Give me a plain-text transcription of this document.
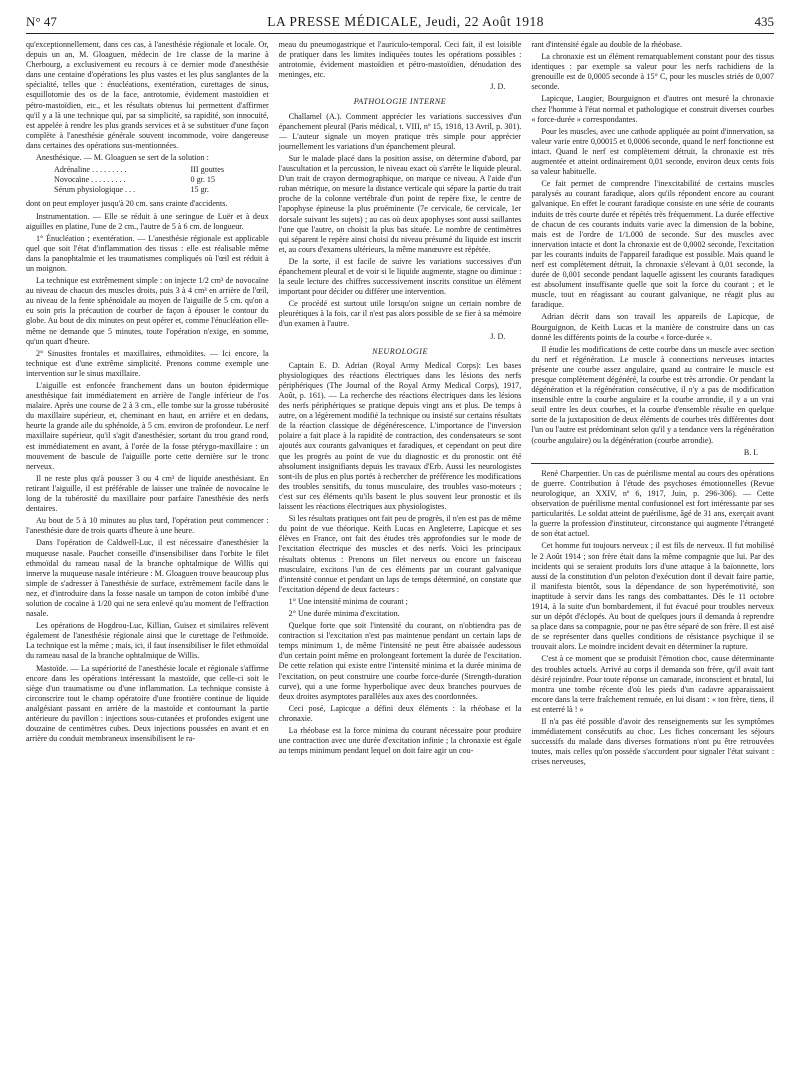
N° 47	LA PRESSE MÉDICALE, Jeudi, 22 Août 1918	435

qu'exceptionnellement, dans ces cas, à l'anesthésie régionale et locale. Or, depuis un an, M. Gloaguen, médecin de 1re classe de la marine à Cherbourg, a exclusivement eu recours à ce dernier mode d'anesthésie dans une centaine d'opérations les plus vastes et les plus sanglantes de la spécialité, telles que : énucléations, exentération, curettages de sinus, esquillotomie des os de la face, antrotomie, évidement mastoïdien et pétro-mastoïdien, etc., et les résultats obtenus lui permettent d'affirmer qu'il y a là une technique qui, par sa simplicité, sa rapidité, son innocuité, est appelée à rendre les plus grands services et à se substituer d'une façon complète à l'anesthésie générale souvent incommode, voire dangereuse dans certaines des opérations sus-mentionnées.

Anesthésique. — M. Gloaguen se sert de la solution :

Adrénaline . . . . . . . . .	III gouttes
Novocaïne . . . . . . . . .	0 gr. 15
Sérum physiologique . . .	15 gr.

dont on peut employer jusqu'à 20 cm. sans crainte d'accidents.

Instrumentation. — Elle se réduit à une seringue de Luër et à deux aiguilles en platine, l'une de 2 cm., l'autre de 5 à 6 cm. de longueur.

1° Énucléation ; exentération. — L'anesthésie régionale est applicable quel que soit l'état d'inflammation des tissus : elle est réalisable même dans la panophtalmie et les traumatismes compliqués où l'œil est réduit à un moignon.

La technique est extrêmement simple : on injecte 1/2 cm³ de novocaïne au niveau de chacun des muscles droits, puis 3 à 4 cm³ en arrière de l'œil, au niveau de la fente sphénoïdale au moyen de l'aiguille de 5 cm. qu'on a eu soin pris la précaution de courber de façon à épouser le contour du globe. Au bout de dix minutes on peut opérer et, comme l'énucléation elle-même ne demande que 5 minutes, toute l'opération n'exige, en somme, qu'un quart d'heure.

2° Sinusites frontales et maxillaires, ethmoïdites. — Ici encore, la technique est d'une extrême simplicité. Prenons comme exemple une intervention sur le sinus maxillaire.

L'aiguille est enfoncée franchement dans un bouton épidermique anesthésique fait immédiatement en arrière de l'angle inférieur de l'os malaire. Après une course de 2 à 3 cm., elle tombe sur la grosse tubérosité du maxillaire supérieur, et, cheminant en haut, en arrière et en dedans, heurte la grande aile du sphénoïde, à 5 cm. environ de profondeur. Le nerf maxillaire supérieur, qu'il s'agit d'anesthésier, sortant du trou grand rond, est immédiatement en avant, à l'orée de la fosse ptérygo-maxillaire : un mouvement de bascule de l'aiguille porte cette dernière sur le tronc nerveux.

Il ne reste plus qu'à pousser 3 ou 4 cm³ de liquide anesthésiant. En retirant l'aiguille, il est préférable de laisser une traînée de novocaïne le long de la tubérosité du maxillaire pour parfaire l'anesthésie des nerfs dentaires.

Au bout de 5 à 10 minutes au plus tard, l'opération peut commencer : l'anesthésie dure de trois quarts d'heure à une heure.

Dans l'opération de Caldwell-Luc, il est nécessaire d'anesthésier la muqueuse nasale. Pauchet conseille d'insensibiliser dans l'orbite le filet ethmoïdal du rameau nasal de la branche ophtalmique de Willis qui innerve la muqueuse nasale intérieure : M. Gloaguen trouve beaucoup plus simple de s'adresser à l'anesthésie de surface, extrêmement facile dans le nez, et d'introduire dans la fosse nasale un tampon de coton imbibé d'une solution de cocaïne à 1/20 qui ne sera enlevé qu'au moment de l'effraction nasale.

Les opérations de Hogdrou-Luc, Killian, Guisez et similaires relèvent également de l'anesthésie régionale ainsi que le curettage de l'ethmoïde. La technique est la même ; mais, ici, il faut insensibiliser le filet ethmoïdal du rameau nasal de la branche ophtalmique de Willis.

Mastoïde. — La supériorité de l'anesthésie locale et régionale s'affirme encore dans les opérations intéressant la mastoïde, que celle-ci soit le siège d'un traumatisme ou d'une inflammation. La technique consiste à circonscrire tout le champ opératoire d'une frontière continue de liquide analgésiant passant en arrière de la mastoïde et contournant la partie antérieure du pavillon : injections sous-cutanées et profondes exigent une douzaine de centimètres cubes. Deux injections poussées en avant et en arrière du conduit membraneux insensibilisent le ra-

meau du pneumogastrique et l'auriculo-temporal. Ceci fait, il est loisible de pratiquer dans les limites indiquées toutes les opérations possibles : antrotomie, évidement mastoïdien et pétro-mastoïdien, dénudation des meninges, etc.

J. D.
PATHOLOGIE INTERNE

Challamel (A.). Comment apprécier les variations successives d'un épanchement pleural (Paris médical, t. VIII, nº 15, 1918, 13 Avril, p. 301). — L'auteur signale un moyen pratique très simple pour apprécier journellement les variations d'un épanchement pleural.

Sur le malade placé dans la position assise, on détermine d'abord, par l'auscultation et la percussion, le niveau exact où s'arrête le liquide pleural. D'un trait de crayon dermographique, on marque ce niveau. A l'aide d'un ruban métrique, on mesure la distance verticale qui sépare la partie du trait proche de la colonne vertébrale d'un point de repère fixe, le centre de l'apophyse épineuse la plus proéminente (7e cervicale, 6e cervicale, 1er dorsale suivant les sujets) ; au cas où deux apophyses sont aussi saillantes l'une que l'autre, on choisit la plus bas située. Le nombre de centimètres qui séparent le repère ainsi choisi du niveau présumé du liquide est inscrit et, au cours d'examens ultérieurs, la même manœuvre est répétée.

De la sorte, il est facile de suivre les variations successives d'un épanchement pleural et de voir si le liquide augmente, stagne ou diminue : la seule lecture des chiffres successivement inscrits constitue un élément important pour décider ou différer une intervention.

Ce procédé est surtout utile lorsqu'on soigne un certain nombre de pleurétiques à la fois, car il n'est pas alors possible de se fier à sa mémoire d'un examen à l'autre.

J. D.
NEUROLOGIE

Captain E. D. Adrian (Royal Army Medical Corps): Les bases physiologiques des réactions électriques dans les lésions des nerfs périphériques (The Journal of the Royal Army Medical Corps), 1917, Août, p. 161). — La recherche des réactions électriques dans les lésions des nerfs périphériques se pratique depuis vingt ans et plus. De temps à autre, on a légèrement modifié la technique ou insisté sur certains résultats de la réaction classique de dégénérescence. L'importance de l'inversion polaire a fait place à la rapidité de contraction, des condensateurs se sont ajoutés aux courants galvaniques et faradiques, et cependant on peut dire que les progrès au point de vue du diagnostic et du pronostic ont été absolument insignifiants depuis les travaux d'Erb. Aussi les neurologistes sont-ils de plus en plus portés à rechercher de préférence les modifications des troubles sensitifs, du tonus musculaire, des troubles vaso-moteurs ; c'est sur ces éléments qu'ils basent le plus souvent leur pronostic et ils laissent les réactions électriques aux physiologistes.

Si les résultats pratiques ont fait peu de progrès, il n'en est pas de même du point de vue théorique. Keith Lucas en Angleterre, Lapicque et ses élèves en France, ont fait des études très approfondies sur le mode de l'excitation électrique des muscles et des nerfs. Voici les principaux résultats obtenus : Prenons un filet nerveux ou encore un faisceau musculaire, excitons l'un de ces éléments par un courant galvanique d'intensité connue et pendant un laps de temps déterminé, on constate que l'excitation dépend de deux facteurs :

1° Une intensité minima de courant ;

2° Une durée minima d'excitation.

Quelque forte que soit l'intensité du courant, on n'obtiendra pas de contraction si l'excitation n'est pas maintenue pendant un certain laps de temps minimum 1, de même l'intensité ne peut être abaissée audessous d'un certain point même en prolongeant fortement la durée de l'excitation. De cette relation qui existe entre l'intensité minima et la durée minima de l'excitation, on peut construire une courbe force-durée (Strength-duration curve), qui a une forme hyperbolique avec deux branches pourvues de deux droites asymptotes parallèles aux axes des coordonnées.

Ceci posé, Lapicque a défini deux éléments : la rhéobase et la chronaxie.

La rhéobase est la force minima du courant nécessaire pour produire une contraction avec une durée d'excitation infinie ; la chronaxie est égale au temps minimum pendant lequel on doit faire agir un cou-

rant d'intensité égale au double de la rhéobase.

La chronaxie est un élément remarquablement constant pour des tissus identiques : par exemple sa valeur pour les nerfs rachidiens de la grenouille est de 0,0005 seconde à 15° C, pour les muscles striés de 0,007 seconde.

Lapicque, Laugier, Bourguignon et d'autres ont mesuré la chronaxie chez l'homme à l'état normal et pathologique et construit diverses courbes « force-durée » correspondantes.

Pour les muscles, avec une cathode appliquée au point d'innervation, sa valeur varie entre 0,00015 et 0,0006 seconde, quand le nerf fonctionne est intact. Quand le nerf est complètement détruit, la chronaxie est très augmentée et atteint ordinairement 0,01 seconde, environ deux cents fois sa valeur habituelle.

Ce fait permet de comprendre l'inexcitabilité de certains muscles paralysés au courant faradique, alors qu'ils répondent encore au courant galvanique. En effet le courant faradique consiste en une série de courants induits de très courte durée et répétés très fréquemment. La durée effective de chacun de ces courants induits varie avec la dimension de la bobine, mais est de l'ordre de 1/1.000 de seconde. Sur des muscles avec innervation intacte et dont la chronaxie est de 0,0002 seconde, l'excitation par les courants induits de l'appareil faradique est possible. Mais quand le nerf est complètement détruit, la chronaxie s'élevant à 0,01 seconde, la durée de 0,001 seconde pendant laquelle agissent les courants faradiques est absolument insuffisante quelle que soit la force du courant ; et le muscle, tout en réagissant au courant galvanique, ne réagit plus au faradique.

Adrian décrit dans son travail les appareils de Lapicque, de Bourguignon, de Keith Lucas et la manière de construire dans un cas donné les différents points de la courbe « force-durée ».

Il étudie les modifications de cette courbe dans un muscle avec section du nerf et régénération. Le muscle à connections nerveuses intactes présente une courbe assez angulaire, quand au contraire le muscle est presque complètement dégénéré, la courbe est très arrondie. Or pendant la dégénération et la régénération consécutive, il n'y a pas de modification insensible entre la courbe angulaire et la courbe arrondie, il y a un vrai seuil entre les deux courbes, et la courbe d'ensemble résulte en quelque sorte de la juxtaposition de deux éléments de courbes très différentes dont l'un ou l'autre est prédominant selon qu'il y a tendance vers la régénération (courbe angulaire) ou la dégénération (courbe arrondie).

B. I.

René Charpentier. Un cas de puérilisme mental au cours des opérations de guerre. Contribution à l'étude des psychoses émotionnelles (Revue neurologique, an XXIV, nº 6, 1917, Juin, p. 296-306). — Cette observation de puérilisme mental confusionnel est fort intéressante par ses particularités. Le soldat atteint de puérilisme, âgé de 31 ans, exerçait avant la guerre la profession d'instituteur, circonstance qui augmente l'étrangeté de son état actuel.

Cet homme fut toujours nerveux ; il est fils de nerveux. Il fut mobilisé le 2 Août 1914 ; son frère était dans la même compagnie que lui. Par des incidents qui se seraient produits lors d'une attaque à la baïonnette, lors aussi de la constitution d'un peloton d'exécution dont il devait faire partie, il manifesta bientôt, sous la dépendance de son hyperémotivité, son inaptitude à servir dans les rangs des combattantes. Dès le 11 octobre 1914, à la suite d'un bombardement, il fut évacué pour troubles nerveux sur un dépôt d'éclopés. Au bout de quelques jours il demanda à reprendre sa place dans sa compagnie, pour ne pas être séparé de son frère. Il est aisé de se représenter dans quelles conditions de résistance psychique il se trouvait alors. Le moindre incident devait en déterminer la rupture.

C'est à ce moment que se produisit l'émotion choc, cause déterminante des troubles actuels. Arrivé au corps il demanda son frère, qu'il avait tant désiré rejoindre. Pour toute réponse un camarade, inconscient et brutal, lui montra une tombe récente d'où les pieds d'un cadavre apparaissaient encore dans la terre fraîchement remuée, en lui disant : « ton frère, tiens, il est enterré là ! »

Il n'a pas été possible d'avoir des renseignements sur les symptômes immédiatement consécutifs au choc. Les fiches concernant les séjours successifs du malade dans diverses formations n'ont pu être retrouvées toutes, mais celles qu'on possède s'accordent pour signaler l'état suivant : crises nerveuses,
